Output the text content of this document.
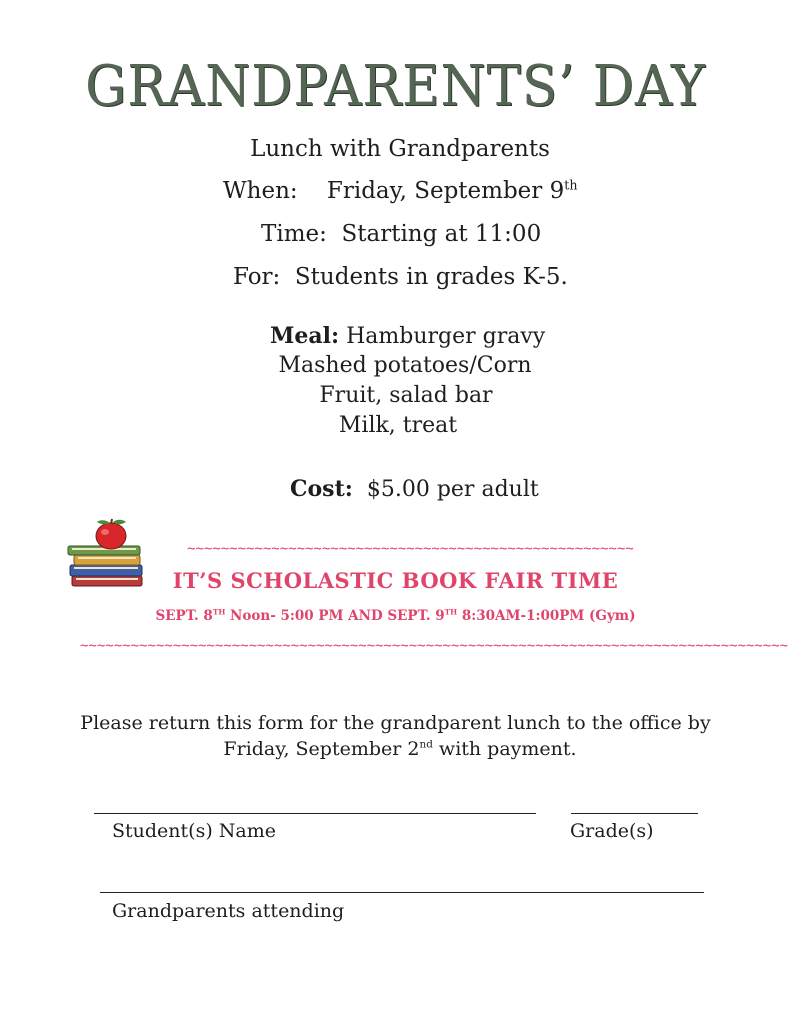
GRANDPARENTS’ DAY
Lunch with Grandparents
When: Friday, September 9th
Time: Starting at 11:00
For: Students in grades K-5.
Meal: Hamburger gravy
Mashed potatoes/Corn
Fruit, salad bar
Milk, treat
Cost: $5.00 per adult
~~~~~~~~~~~~~~~~~~~~~~~~~~~~~~~~~~~~~~~~~~~~~~~~~~~~~
IT’S SCHOLASTIC BOOK FAIR TIME
SEPT. 8TH Noon- 5:00 PM AND SEPT. 9TH 8:30AM-1:00PM (Gym)
~~~~~~~~~~~~~~~~~~~~~~~~~~~~~~~~~~~~~~~~~~~~~~~~~~~~~~~~~~~~~~~~~~~~~~~~~~~~~~~~~~~~
Please return this form for the grandparent lunch to the office by
Friday, September 2nd with payment.
Student(s) Name	Grade(s)
Grandparents attending
